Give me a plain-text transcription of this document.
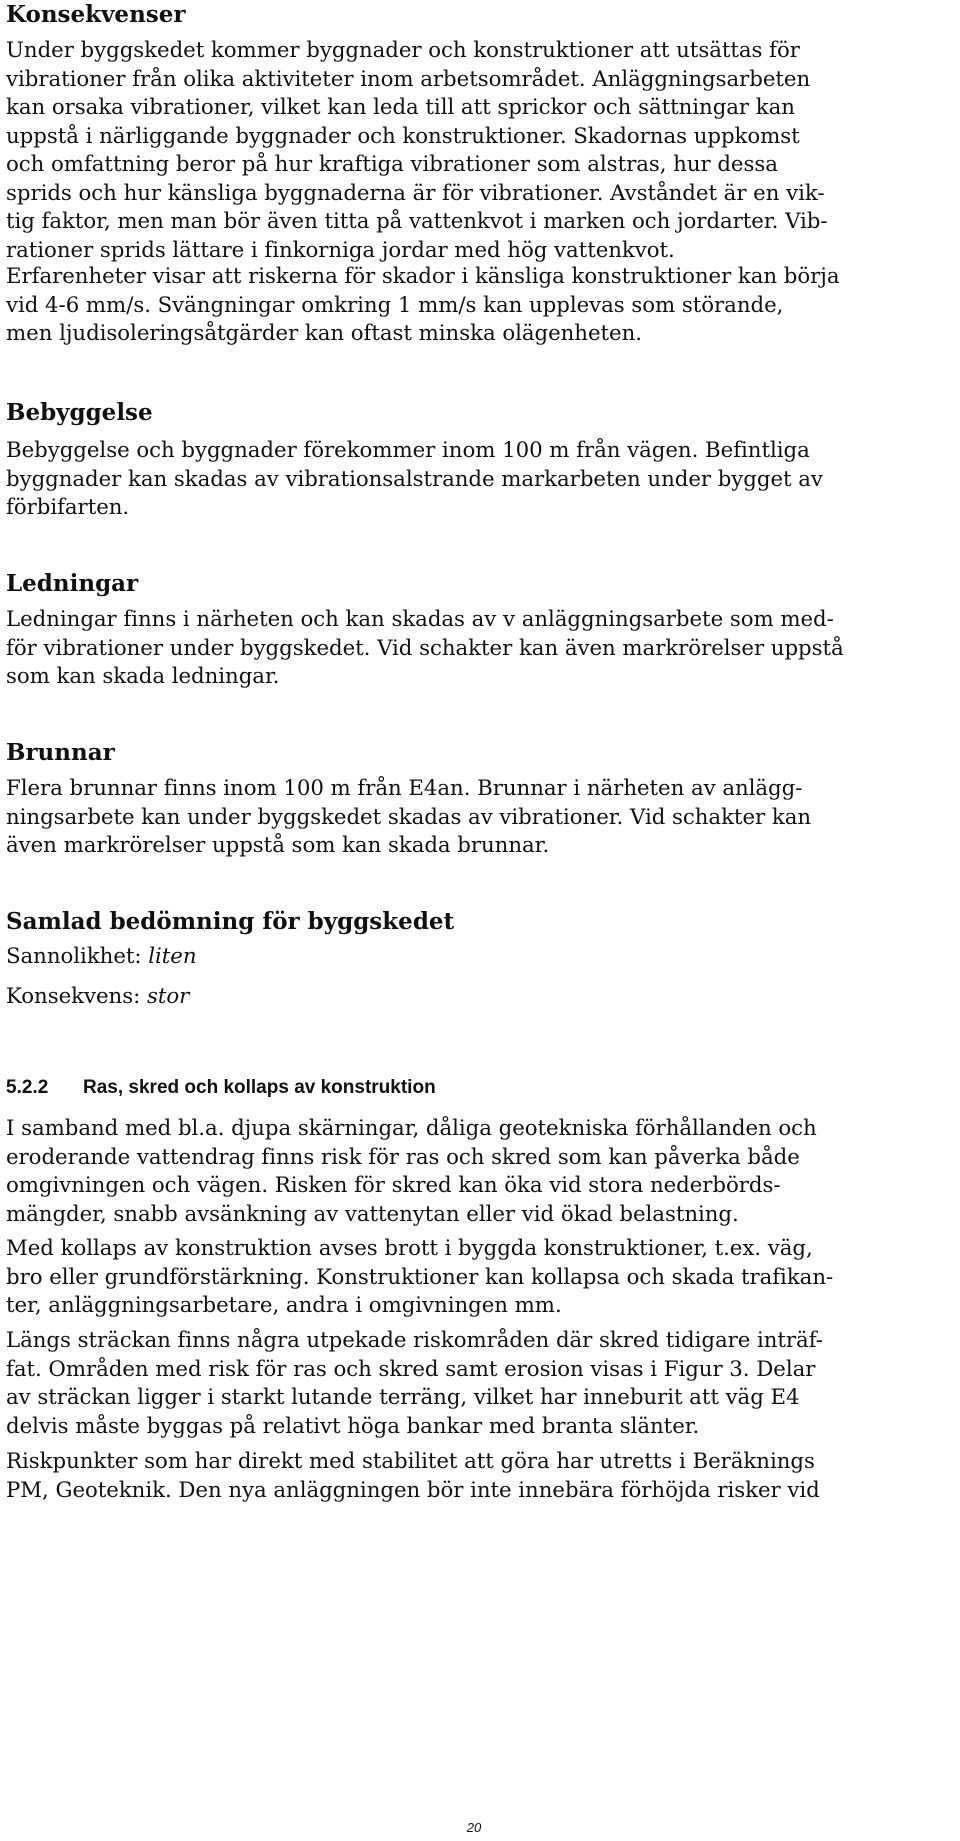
Konsekvenser

Under byggskedet kommer byggnader och konstruktioner att utsättas för
vibrationer från olika aktiviteter inom arbetsområdet. Anläggningsarbeten
kan orsaka vibrationer, vilket kan leda till att sprickor och sättningar kan
uppstå i närliggande byggnader och konstruktioner. Skadornas uppkomst
och omfattning beror på hur kraftiga vibrationer som alstras, hur dessa
sprids och hur känsliga byggnaderna är för vibrationer. Avståndet är en vik-
tig faktor, men man bör även titta på vattenkvot i marken och jordarter. Vib-
rationer sprids lättare i finkorniga jordar med hög vattenkvot.

Erfarenheter visar att riskerna för skador i känsliga konstruktioner kan börja
vid 4-6 mm/s. Svängningar omkring 1 mm/s kan upplevas som störande,
men ljudisoleringsåtgärder kan oftast minska olägenheten.

Bebyggelse

Bebyggelse och byggnader förekommer inom 100 m från vägen. Befintliga
byggnader kan skadas av vibrationsalstrande markarbeten under bygget av
förbifarten.

Ledningar

Ledningar finns i närheten och kan skadas av v anläggningsarbete som med-
för vibrationer under byggskedet. Vid schakter kan även markrörelser uppstå
som kan skada ledningar.

Brunnar

Flera brunnar finns inom 100 m från E4an. Brunnar i närheten av anlägg-
ningsarbete kan under byggskedet skadas av vibrationer. Vid schakter kan
även markrörelser uppstå som kan skada brunnar.

Samlad bedömning för byggskedet

Sannolikhet: liten

Konsekvens: stor

5.2.2 Ras, skred och kollaps av konstruktion

I samband med bl.a. djupa skärningar, dåliga geotekniska förhållanden och
eroderande vattendrag finns risk för ras och skred som kan påverka både
omgivningen och vägen. Risken för skred kan öka vid stora nederbörds-
mängder, snabb avsänkning av vattenytan eller vid ökad belastning.

Med kollaps av konstruktion avses brott i byggda konstruktioner, t.ex. väg,
bro eller grundförstärkning. Konstruktioner kan kollapsa och skada trafikan-
ter, anläggningsarbetare, andra i omgivningen mm.

Längs sträckan finns några utpekade riskområden där skred tidigare inträf-
fat. Områden med risk för ras och skred samt erosion visas i Figur 3. Delar
av sträckan ligger i starkt lutande terräng, vilket har inneburit att väg E4
delvis måste byggas på relativt höga bankar med branta slänter.

Riskpunkter som har direkt med stabilitet att göra har utretts i Beräknings
PM, Geoteknik. Den nya anläggningen bör inte innebära förhöjda risker vid

20
